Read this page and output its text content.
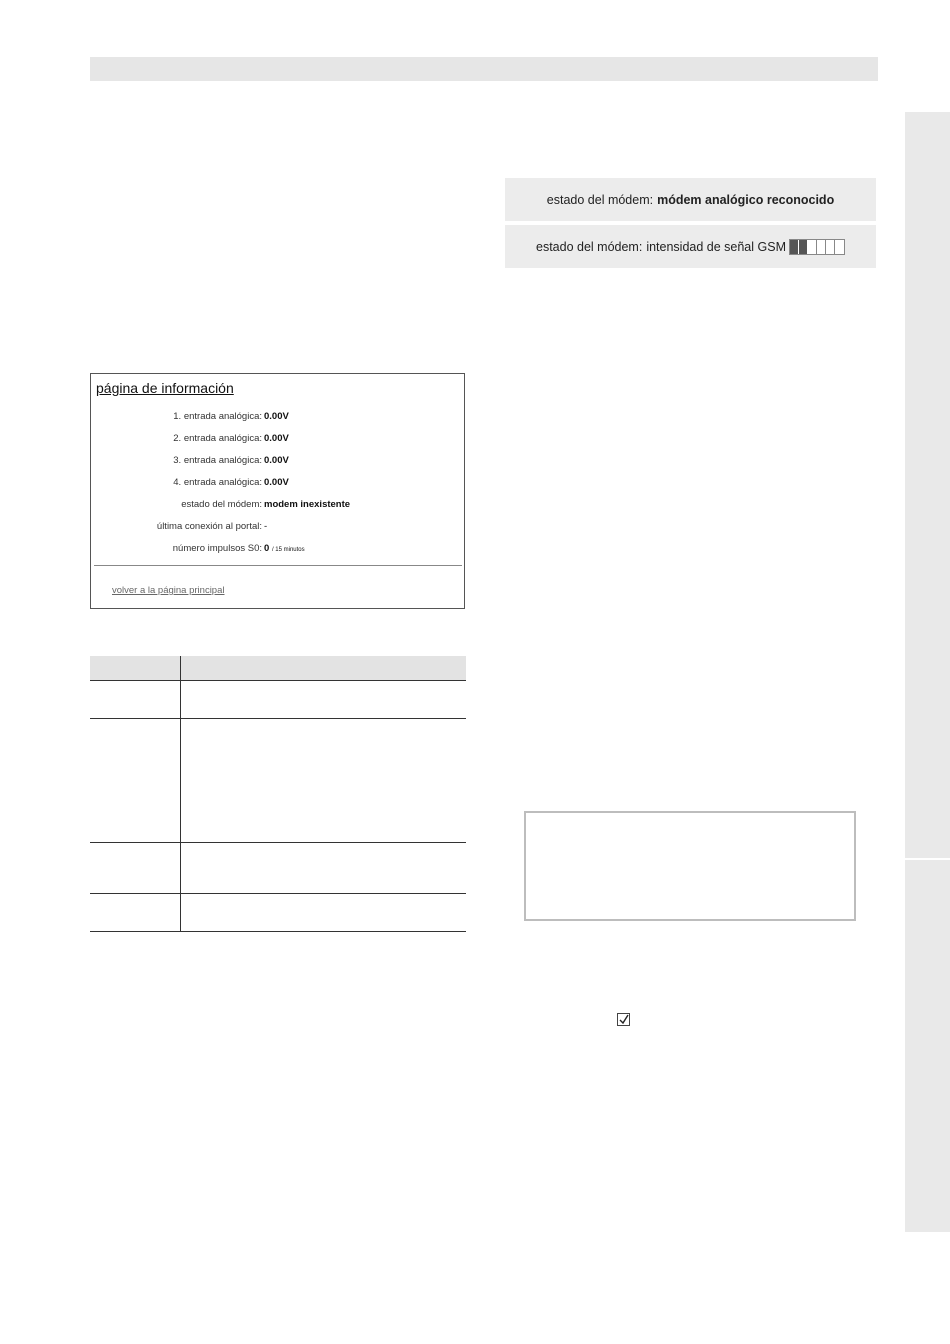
estado del módem: módem analógico reconocido
estado del módem: intensidad de señal GSM
página de información
1. entrada analógica: 0.00V
2. entrada analógica: 0.00V
3. entrada analógica: 0.00V
4. entrada analógica: 0.00V
estado del módem: modem inexistente
última conexión al portal: -
número impulsos S0: 0 / 15 minutos
volver a la página principal
